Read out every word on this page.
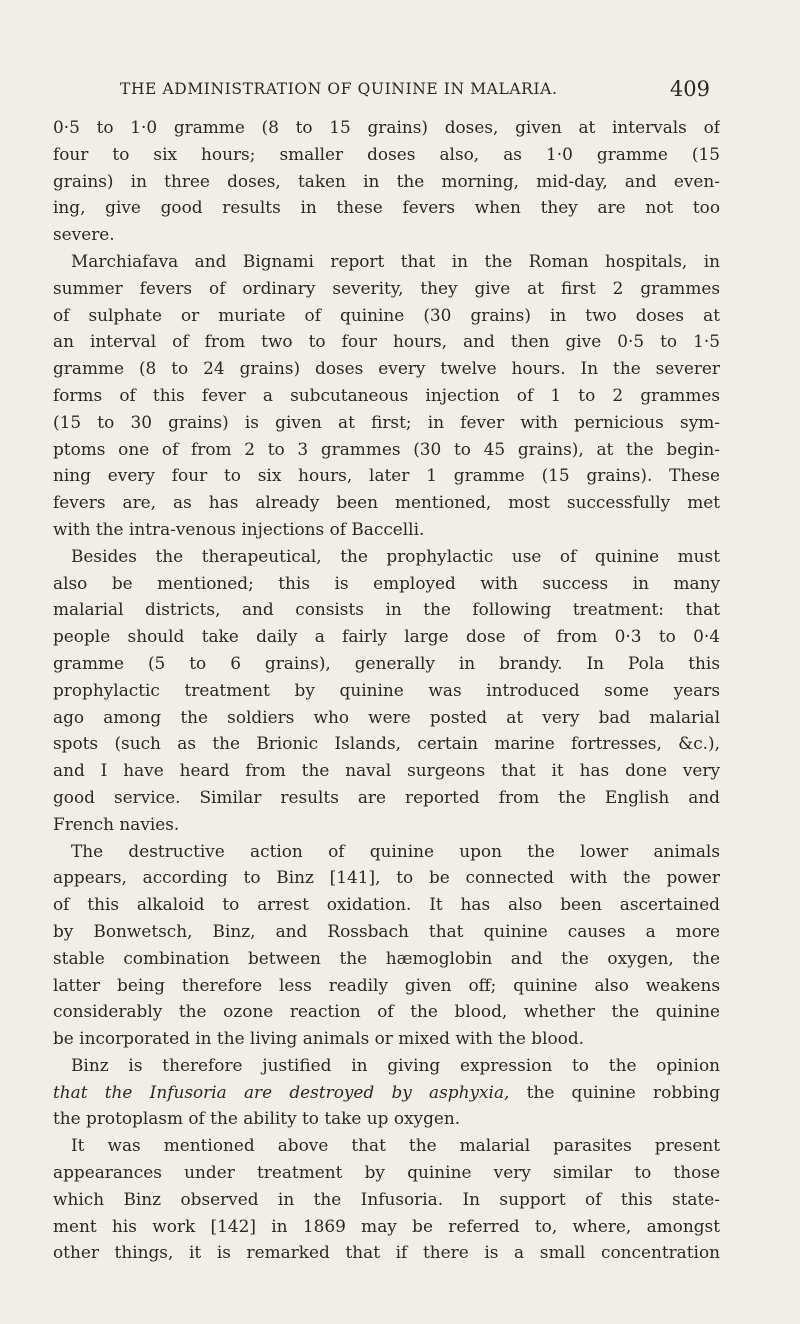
THE ADMINISTRATION OF QUININE IN MALARIA.	409

0·5 to 1·0 gramme (8 to 15 grains) doses, given at intervals of
four to six hours; smaller doses also, as 1·0 gramme (15
grains) in three doses, taken in the morning, mid-day, and even-
ing, give good results in these fevers when they are not too
severe.

Marchiafava and Bignami report that in the Roman hospitals, in
summer fevers of ordinary severity, they give at first 2 grammes
of sulphate or muriate of quinine (30 grains) in two doses at
an interval of from two to four hours, and then give 0·5 to 1·5
gramme (8 to 24 grains) doses every twelve hours. In the severer
forms of this fever a subcutaneous injection of 1 to 2 grammes
(15 to 30 grains) is given at first; in fever with pernicious sym-
ptoms one of from 2 to 3 grammes (30 to 45 grains), at the begin-
ning every four to six hours, later 1 gramme (15 grains). These
fevers are, as has already been mentioned, most successfully met
with the intra-venous injections of Baccelli.

Besides the therapeutical, the prophylactic use of quinine must
also be mentioned; this is employed with success in many
malarial districts, and consists in the following treatment: that
people should take daily a fairly large dose of from 0·3 to 0·4
gramme (5 to 6 grains), generally in brandy. In Pola this
prophylactic treatment by quinine was introduced some years
ago among the soldiers who were posted at very bad malarial
spots (such as the Brionic Islands, certain marine fortresses, &c.),
and I have heard from the naval surgeons that it has done very
good service. Similar results are reported from the English and
French navies.

The destructive action of quinine upon the lower animals
appears, according to Binz [141], to be connected with the power
of this alkaloid to arrest oxidation. It has also been ascertained
by Bonwetsch, Binz, and Rossbach that quinine causes a more
stable combination between the hæmoglobin and the oxygen, the
latter being therefore less readily given off; quinine also weakens
considerably the ozone reaction of the blood, whether the quinine
be incorporated in the living animals or mixed with the blood.

Binz is therefore justified in giving expression to the opinion
that the Infusoria are destroyed by asphyxia, the quinine robbing
the protoplasm of the ability to take up oxygen.

It was mentioned above that the malarial parasites present
appearances under treatment by quinine very similar to those
which Binz observed in the Infusoria. In support of this state-
ment his work [142] in 1869 may be referred to, where, amongst
other things, it is remarked that if there is a small concentration
